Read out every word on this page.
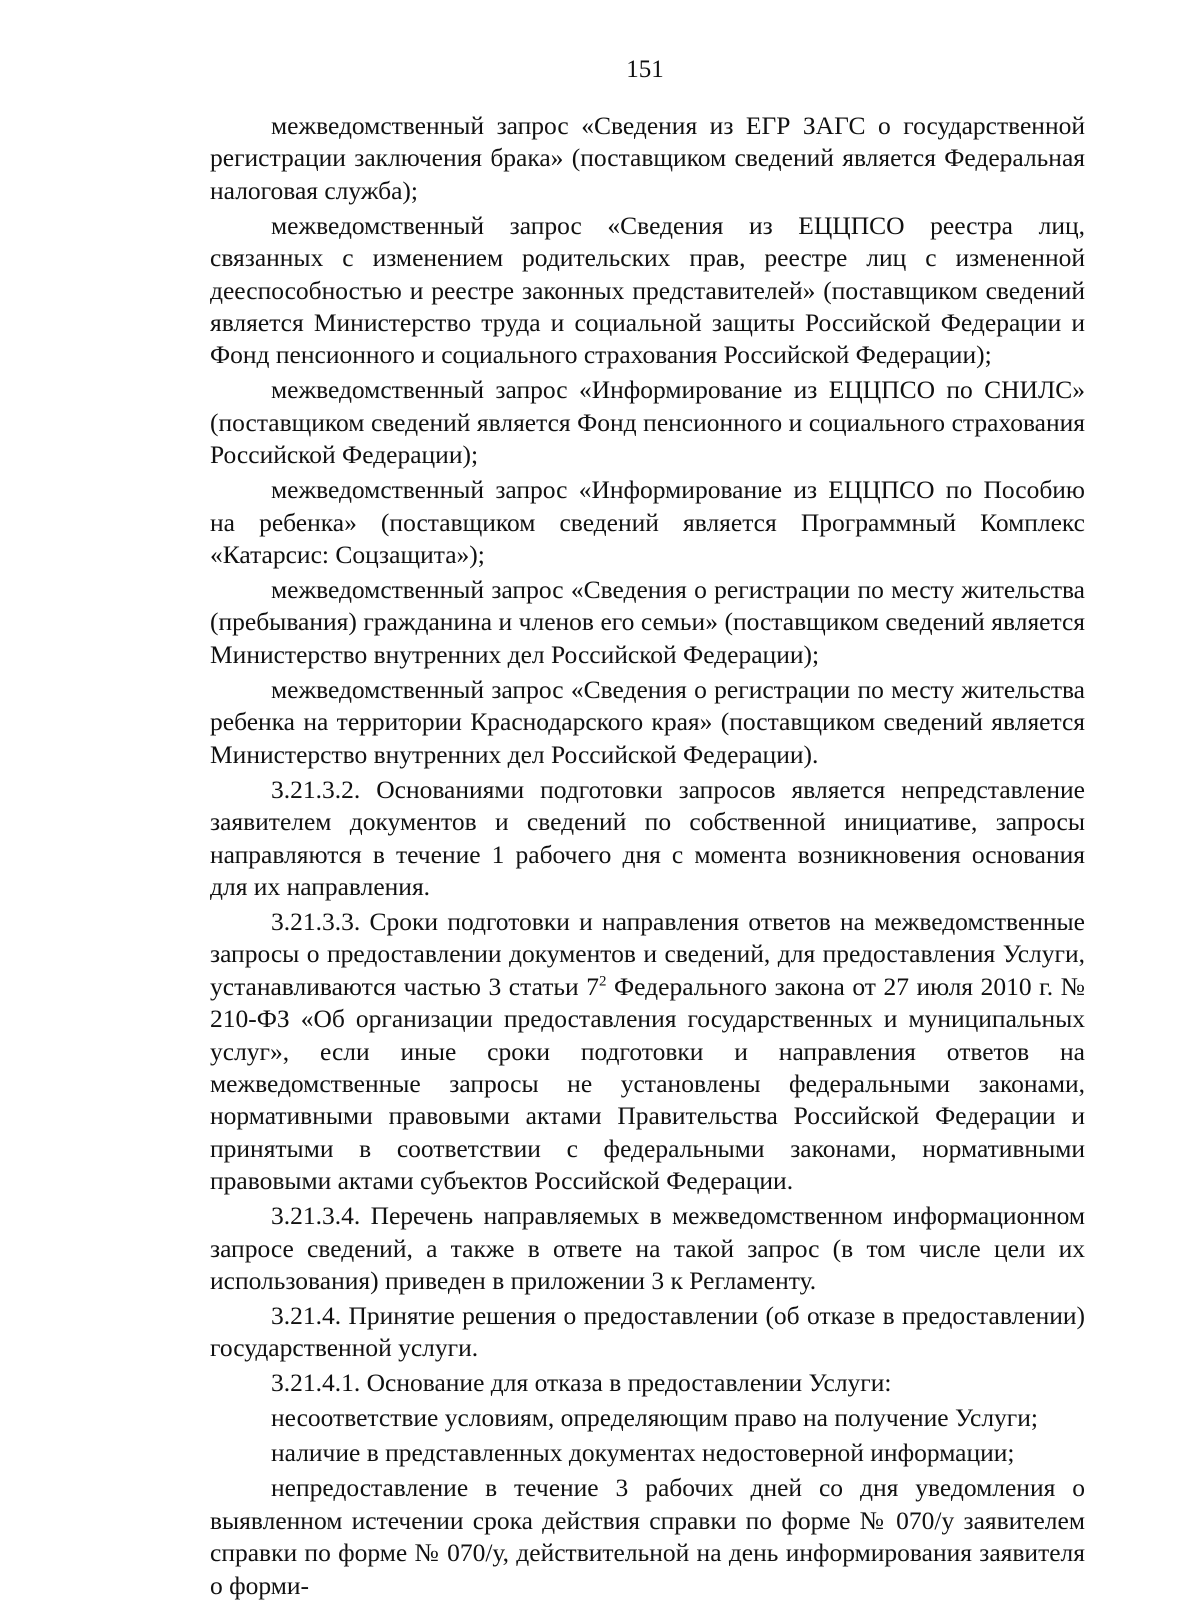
151

межведомственный запрос «Сведения из ЕГР ЗАГС о государственной регистрации заключения брака» (поставщиком сведений является Федеральная налоговая служба);

межведомственный запрос «Сведения из ЕЦЦПСО реестра лиц, связанных с изменением родительских прав, реестре лиц с измененной дееспособностью и реестре законных представителей» (поставщиком сведений является Министерство труда и социальной защиты Российской Федерации и Фонд пенсионного и социального страхования Российской Федерации);

межведомственный запрос «Информирование из ЕЦЦПСО по СНИЛС» (поставщиком сведений является Фонд пенсионного и социального страхования Российской Федерации);

межведомственный запрос «Информирование из ЕЦЦПСО по Пособию на ребенка» (поставщиком сведений является Программный Комплекс «Катарсис: Соцзащита»);

межведомственный запрос «Сведения о регистрации по месту жительства (пребывания) гражданина и членов его семьи» (поставщиком сведений является Министерство внутренних дел Российской Федерации);

межведомственный запрос «Сведения о регистрации по месту жительства ребенка на территории Краснодарского края» (поставщиком сведений является Министерство внутренних дел Российской Федерации).

3.21.3.2. Основаниями подготовки запросов является непредставление заявителем документов и сведений по собственной инициативе, запросы направляются в течение 1 рабочего дня с момента возникновения основания для их направления.

3.21.3.3. Сроки подготовки и направления ответов на межведомственные запросы о предоставлении документов и сведений, для предоставления Услуги, устанавливаются частью 3 статьи $7^2$ Федерального закона от 27 июля 2010 г. № 210-ФЗ «Об организации предоставления государственных и муниципальных услуг», если иные сроки подготовки и направления ответов на межведомственные запросы не установлены федеральными законами, нормативными правовыми актами Правительства Российской Федерации и принятыми в соответствии с федеральными законами, нормативными правовыми актами субъектов Российской Федерации.

3.21.3.4. Перечень направляемых в межведомственном информационном запросе сведений, а также в ответе на такой запрос (в том числе цели их использования) приведен в приложении 3 к Регламенту.

3.21.4. Принятие решения о предоставлении (об отказе в предоставлении) государственной услуги.

3.21.4.1. Основание для отказа в предоставлении Услуги:

несоответствие условиям, определяющим право на получение Услуги;

наличие в представленных документах недостоверной информации;

непредоставление в течение 3 рабочих дней со дня уведомления о выявленном истечении срока действия справки по форме № 070/у заявителем справки по форме № 070/у, действительной на день информирования заявителя о форми-
